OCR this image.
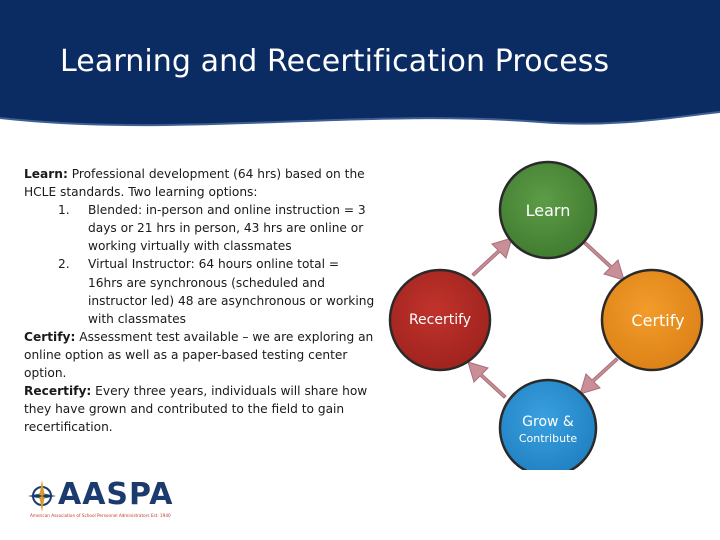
Learning and Recertification Process

Learn: Professional development (64 hrs) based on the HCLE standards. Two learning options:

1. Blended: in-person and online instruction = 3 days or 21 hrs in person, 43 hrs are online or working virtually with classmates
2. Virtual Instructor: 64 hours online total = 16hrs are synchronous (scheduled and instructor led) 48 are asynchronous or working with classmates

Certify: Assessment test available – we are exploring an online option as well as a paper-based testing center option.

Recertify: Every three years, individuals will share how they have grown and contributed to the field to gain recertification.

AASPA
American Association of School Personnel Administrators Est. 1940
Learn
Certify
Recertify
Grow &
Contribute
